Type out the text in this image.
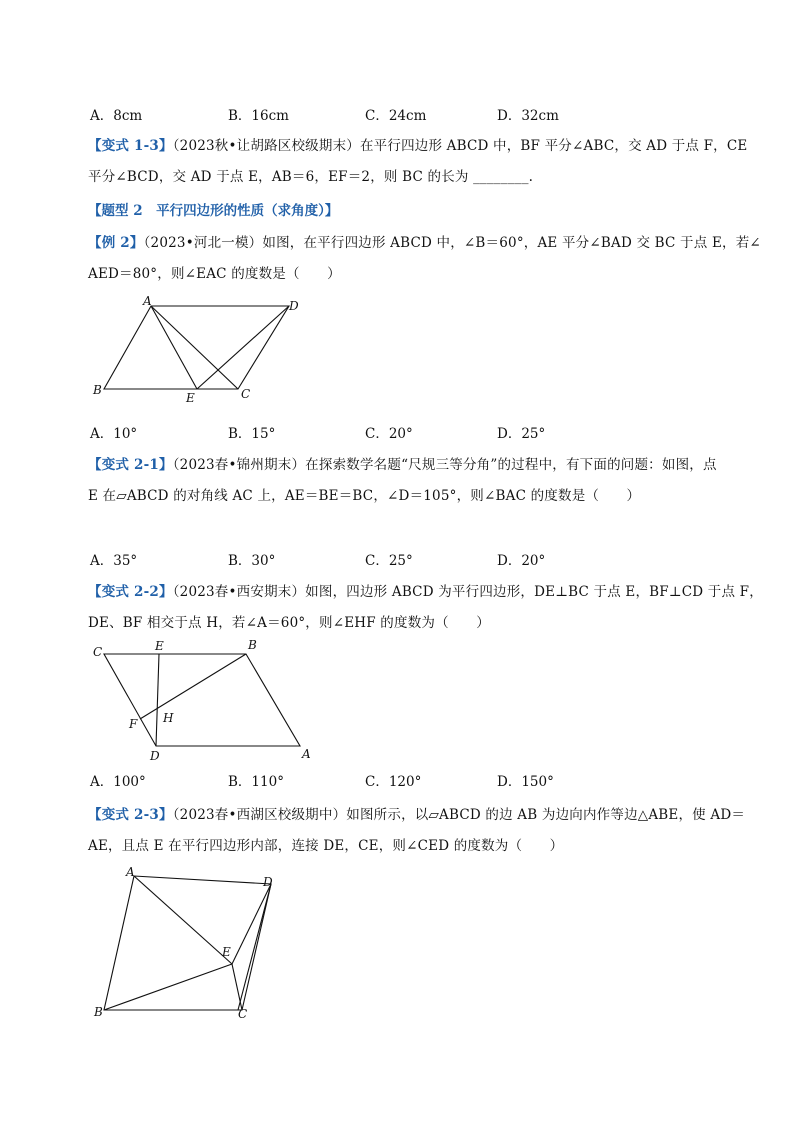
A．8cm	B．16cm	C．24cm	D．32cm
【变式 1-3】（2023秋•让胡路区校级期末）在平行四边形 ABCD 中，BF 平分∠ABC，交 AD 于点 F，CE
平分∠BCD，交 AD 于点 E，AB＝6，EF＝2，则 BC 的长为 ________.
【题型 2　平行四边形的性质（求角度）】
【例 2】（2023•河北一模）如图，在平行四边形 ABCD 中，∠B＝60°，AE 平分∠BAD 交 BC 于点 E，若∠
AED＝80°，则∠EAC 的度数是（　　）
A	D
B
E	C
A．10°	B．15°	C．20°	D．25°
【变式 2-1】（2023春•锦州期末）在探索数学名题“尺规三等分角”的过程中，有下面的问题：如图，点
E 在▱ABCD 的对角线 AC 上，AE＝BE＝BC，∠D＝105°，则∠BAC 的度数是（　　）
A．35°	B．30°	C．25°	D．20°
【变式 2-2】（2023春•西安期末）如图，四边形 ABCD 为平行四边形，DE⊥BC 于点 E，BF⊥CD 于点 F，
DE、BF 相交于点 H，若∠A＝60°，则∠EHF 的度数为（　　）
C	E	B
F H
D	A
A．100°	B．110°	C．120°	D．150°
【变式 2-3】（2023春•西湖区校级期中）如图所示，以▱ABCD 的边 AB 为边向内作等边△ABE，使 AD＝
AE，且点 E 在平行四边形内部，连接 DE，CE，则∠CED 的度数为（　　）
A
D
E
B	C
